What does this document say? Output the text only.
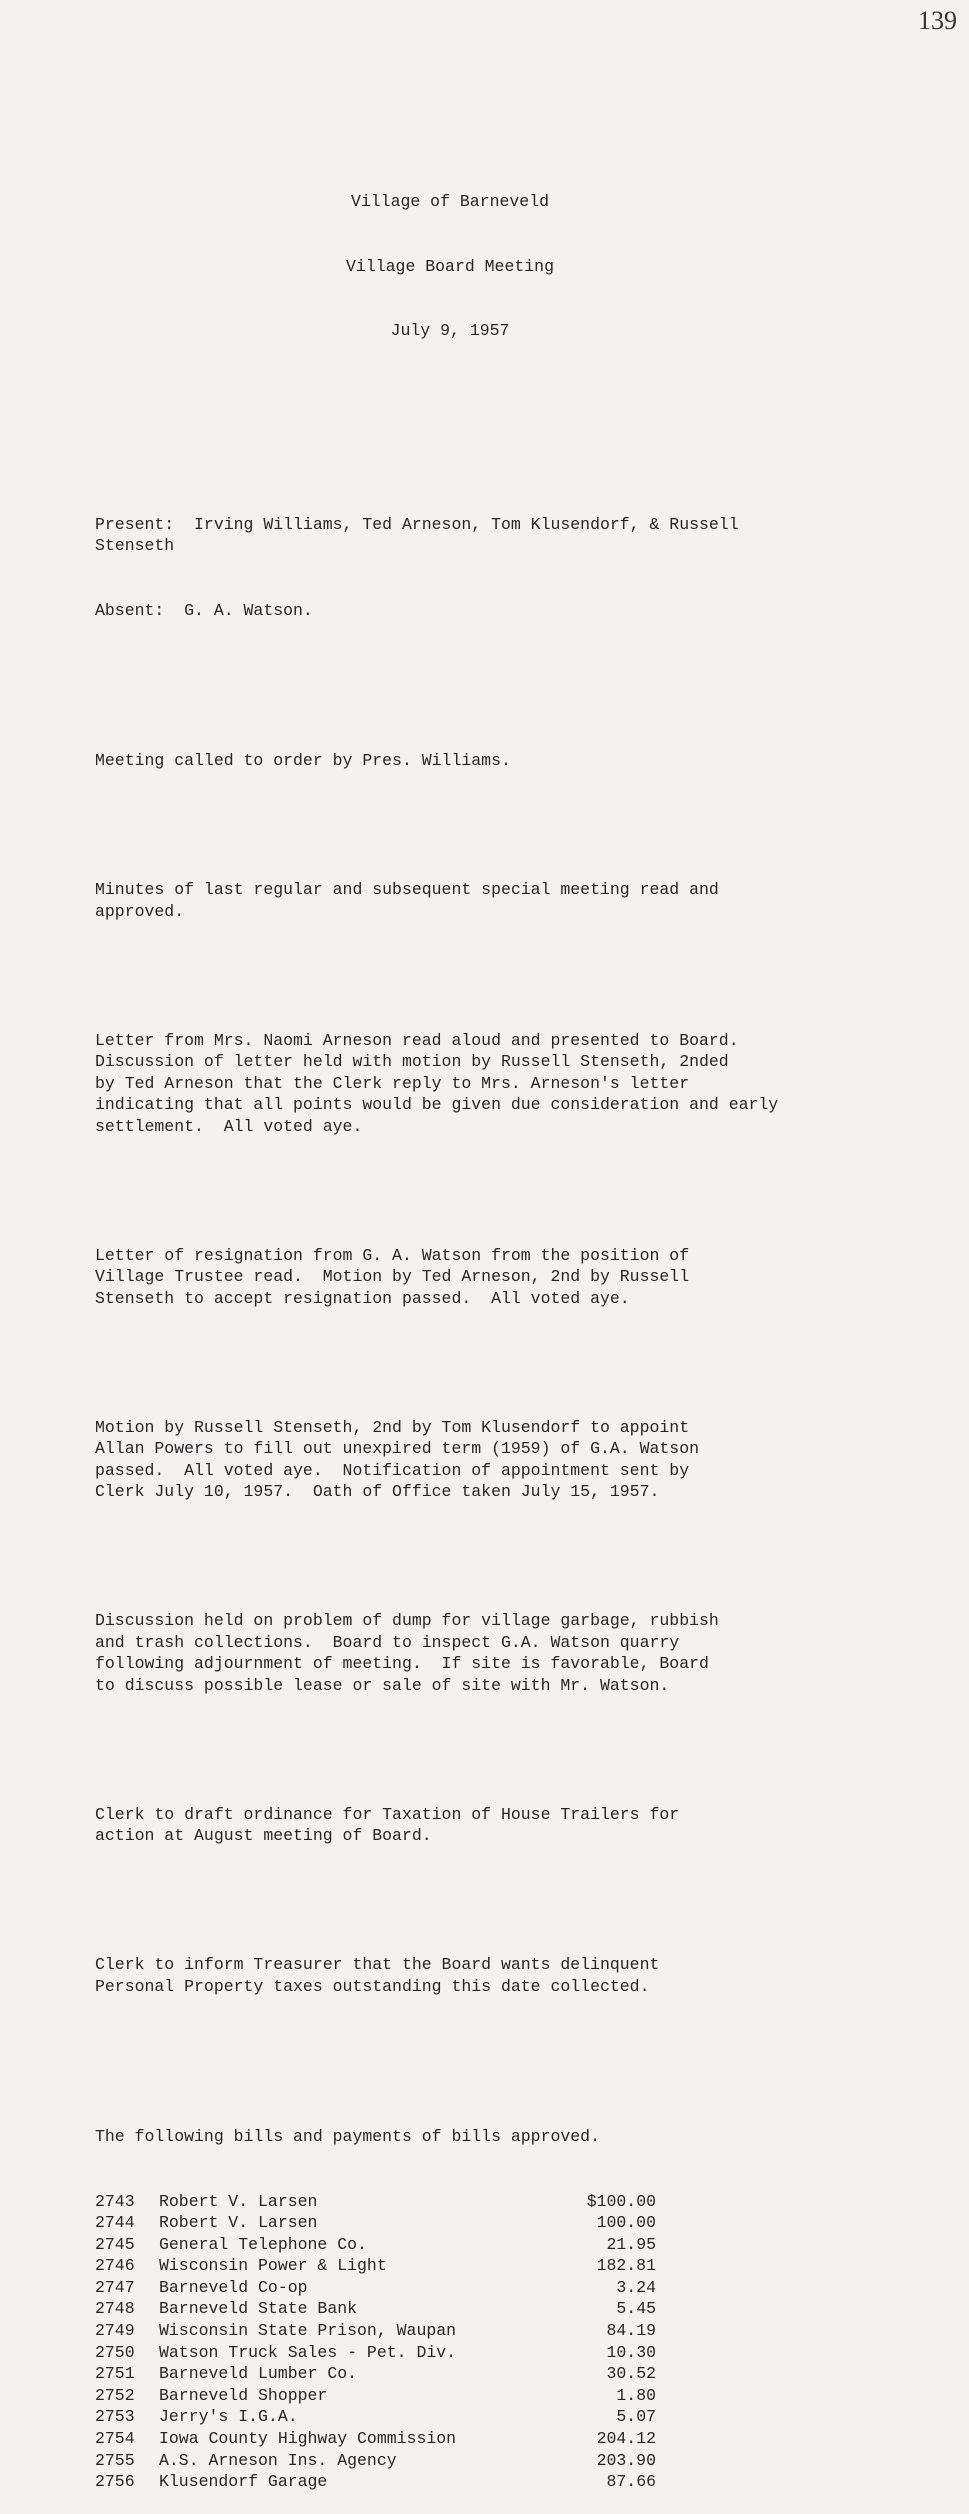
139

Village of Barneveld

Village Board Meeting

July 9, 1957

Present:  Irving Williams, Ted Arneson, Tom Klusendorf, & Russell
Stenseth

Absent:  G. A. Watson.

Meeting called to order by Pres. Williams.

Minutes of last regular and subsequent special meeting read and
approved.

Letter from Mrs. Naomi Arneson read aloud and presented to Board.
Discussion of letter held with motion by Russell Stenseth, 2nded
by Ted Arneson that the Clerk reply to Mrs. Arneson's letter
indicating that all points would be given due consideration and early
settlement.  All voted aye.

Letter of resignation from G. A. Watson from the position of
Village Trustee read.  Motion by Ted Arneson, 2nd by Russell
Stenseth to accept resignation passed.  All voted aye.

Motion by Russell Stenseth, 2nd by Tom Klusendorf to appoint
Allan Powers to fill out unexpired term (1959) of G.A. Watson
passed.  All voted aye.  Notification of appointment sent by
Clerk July 10, 1957.  Oath of Office taken July 15, 1957.

Discussion held on problem of dump for village garbage, rubbish
and trash collections.  Board to inspect G.A. Watson quarry
following adjournment of meeting.  If site is favorable, Board
to discuss possible lease or sale of site with Mr. Watson.

Clerk to draft ordinance for Taxation of House Trailers for
action at August meeting of Board.

Clerk to inform Treasurer that the Board wants delinquent
Personal Property taxes outstanding this date collected.

The following bills and payments of bills approved.

2743	Robert V. Larsen	$100.00
2744	Robert V. Larsen	100.00
2745	General Telephone Co.	21.95
2746	Wisconsin Power & Light	182.81
2747	Barneveld Co-op	3.24
2748	Barneveld State Bank	5.45
2749	Wisconsin State Prison, Waupan	84.19
2750	Watson Truck Sales - Pet. Div.	10.30
2751	Barneveld Lumber Co.	30.52
2752	Barneveld Shopper	1.80
2753	Jerry's I.G.A.	5.07
2754	Iowa County Highway Commission	204.12
2755	A.S. Arneson Ins. Agency	203.90
2756	Klusendorf Garage	87.66
